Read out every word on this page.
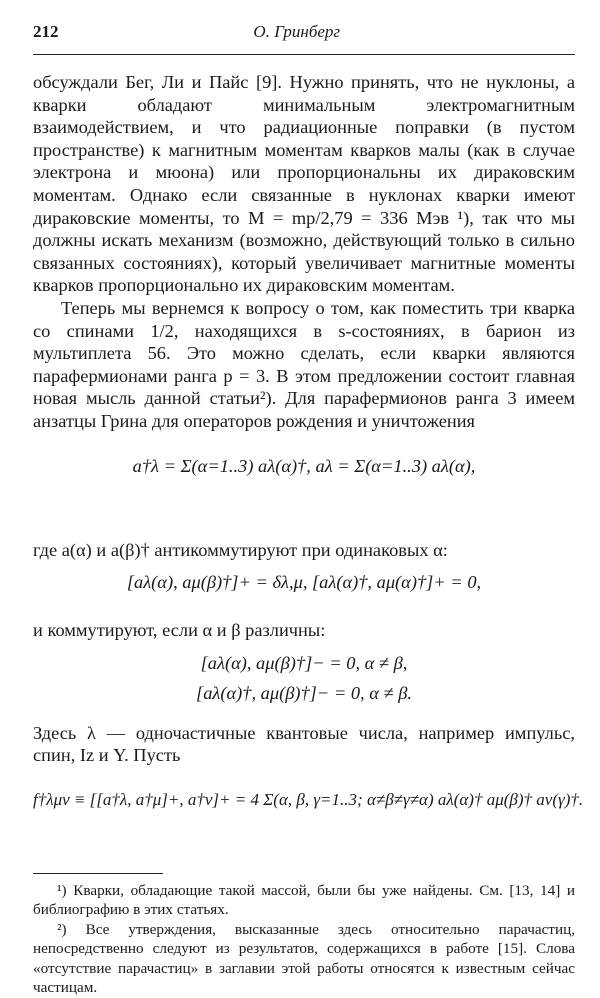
212	О. Гринберг

обсуждали Бег, Ли и Пайс [9]. Нужно принять, что не нуклоны, а кварки обладают минимальным электромагнитным взаимодействием, и что радиационные поправки (в пустом пространстве) к магнитным моментам кварков малы (как в случае электрона и мюона) или пропорциональны их дираковским моментам. Однако если связанные в нуклонах кварки имеют дираковские моменты, то M = mp/2,79 = 336 Мэв ¹), так что мы должны искать механизм (возможно, действующий только в сильно связанных состояниях), который увеличивает магнитные моменты кварков пропорционально их дираковским моментам.

Теперь мы вернемся к вопросу о том, как поместить три кварка со спинами 1/2, находящихся в s-состояниях, в барион из мультиплета 56. Это можно сделать, если кварки являются парафермионами ранга p = 3. В этом предложении состоит главная новая мысль данной статьи²). Для парафермионов ранга 3 имеем анзатцы Грина для операторов рождения и уничтожения

a†λ = Σ(α=1..3) aλ(α)†, aλ = Σ(α=1..3) aλ(α),

где a(α) и a(β)† антикоммутируют при одинаковых α:

[aλ(α), aμ(β)†]+ = δλ,μ, [aλ(α)†, aμ(α)†]+ = 0,

и коммутируют, если α и β различны:

[aλ(α), aμ(β)†]− = 0, α ≠ β,
[aλ(α)†, aμ(β)†]− = 0, α ≠ β.

Здесь λ — одночастичные квантовые числа, например импульс, спин, Iz и Y. Пусть

f†λμν ≡ [[a†λ, a†μ]+, a†ν]+ = 4 Σ(α, β, γ=1..3; α≠β≠γ≠α) aλ(α)† aμ(β)† aν(γ)†.

¹) Кварки, обладающие такой массой, были бы уже найдены. См. [13, 14] и библиографию в этих статьях.

²) Все утверждения, высказанные здесь относительно парачастиц, непосредственно следуют из результатов, содержащихся в работе [15]. Слова «отсутствие парачастиц» в заглавии этой работы относятся к известным сейчас частицам.
